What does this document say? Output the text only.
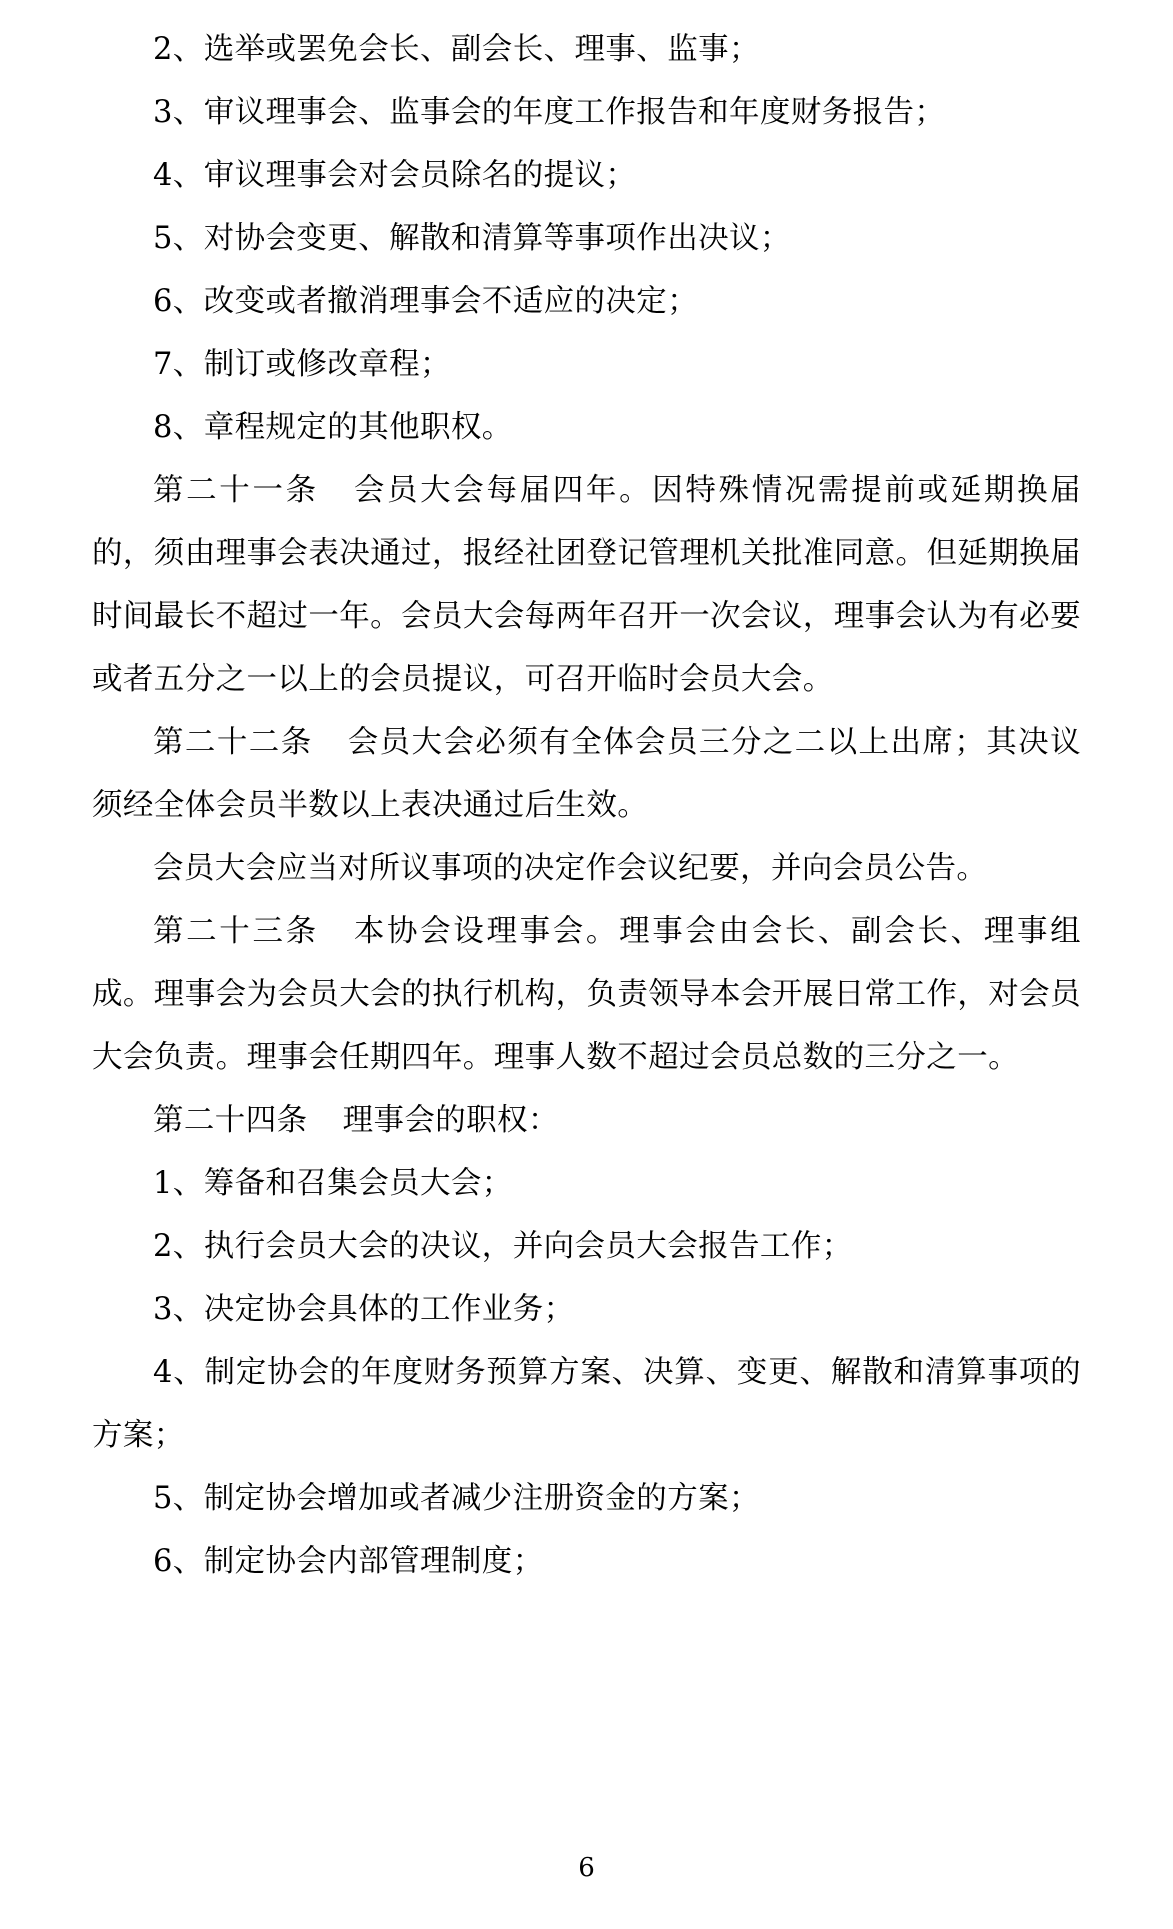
2、选举或罢免会长、副会长、理事、监事；

3、审议理事会、监事会的年度工作报告和年度财务报告；

4、审议理事会对会员除名的提议；

5、对协会变更、解散和清算等事项作出决议；

6、改变或者撤消理事会不适应的决定；

7、制订或修改章程；

8、章程规定的其他职权。

第二十一条 会员大会每届四年。因特殊情况需提前或延期换届的，须由理事会表决通过，报经社团登记管理机关批准同意。但延期换届时间最长不超过一年。会员大会每两年召开一次会议，理事会认为有必要或者五分之一以上的会员提议，可召开临时会员大会。

第二十二条 会员大会必须有全体会员三分之二以上出席；其决议须经全体会员半数以上表决通过后生效。

会员大会应当对所议事项的决定作会议纪要，并向会员公告。

第二十三条 本协会设理事会。理事会由会长、副会长、理事组成。理事会为会员大会的执行机构，负责领导本会开展日常工作，对会员大会负责。理事会任期四年。理事人数不超过会员总数的三分之一。

第二十四条 理事会的职权：

1、筹备和召集会员大会；

2、执行会员大会的决议，并向会员大会报告工作；

3、决定协会具体的工作业务；

4、制定协会的年度财务预算方案、决算、变更、解散和清算事项的方案；

5、制定协会增加或者减少注册资金的方案；

6、制定协会内部管理制度；

6
